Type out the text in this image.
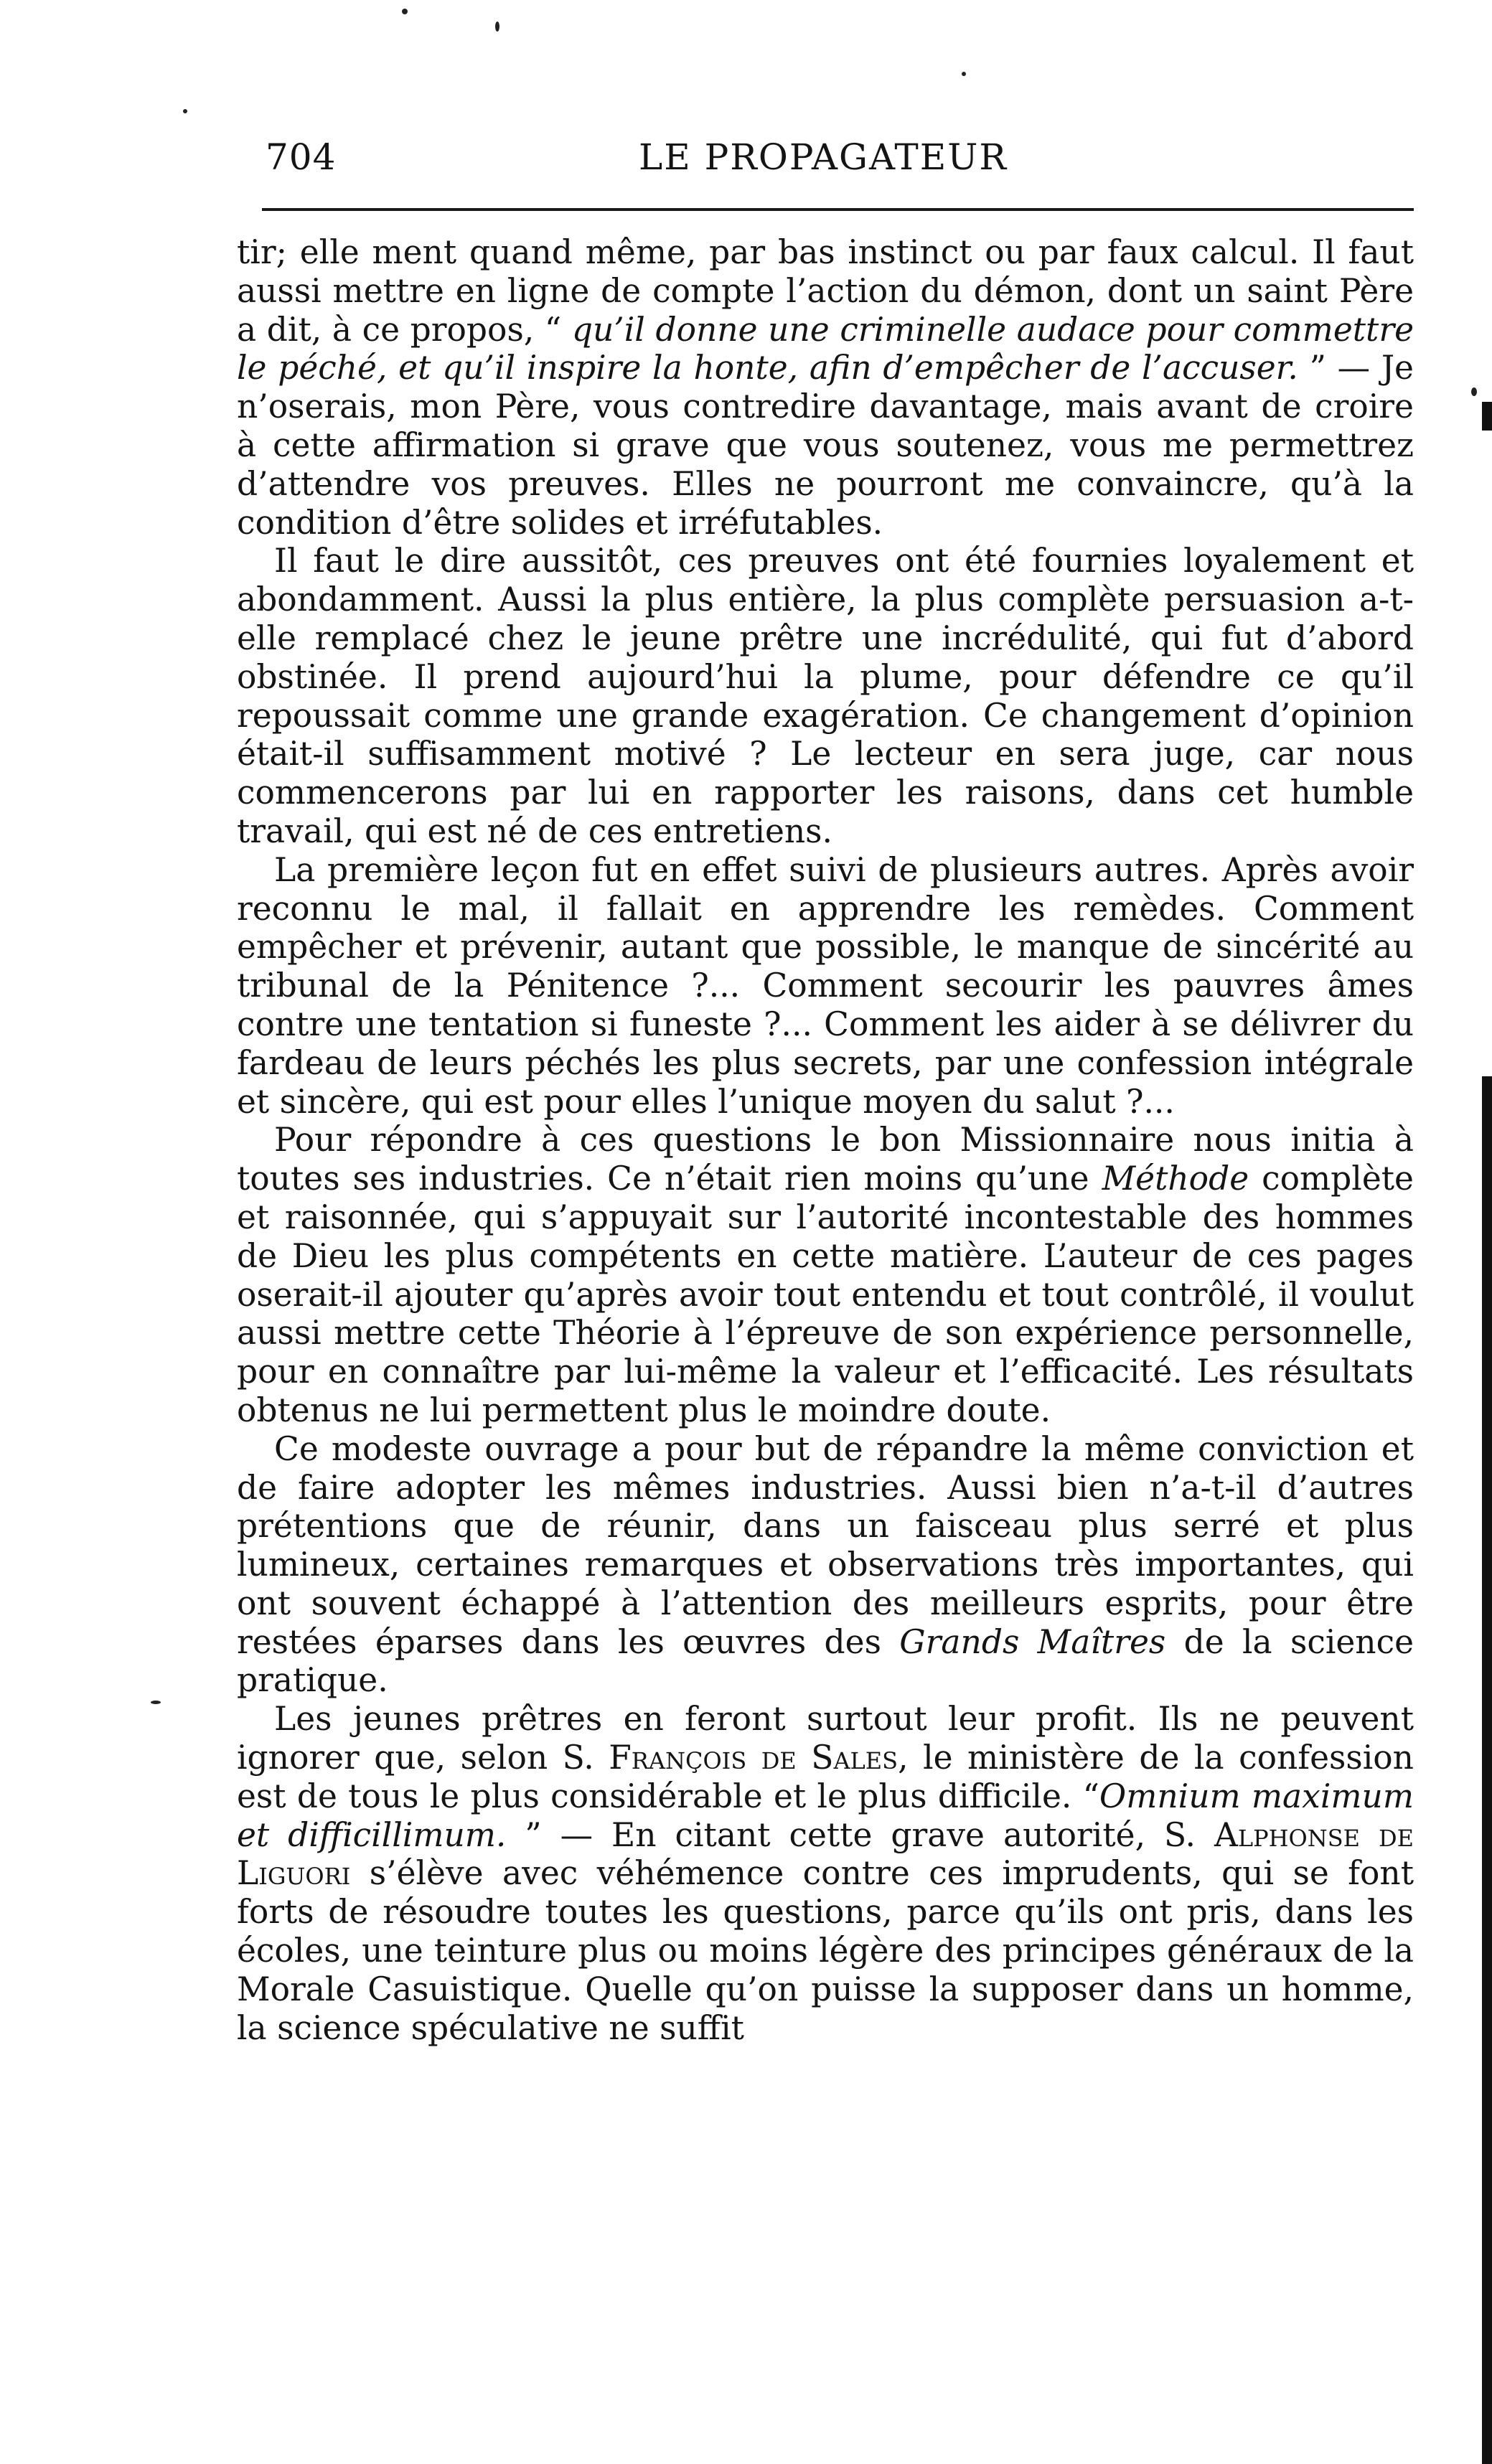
704	LE PROPAGATEUR

tir; elle ment quand même, par bas instinct ou par faux calcul. Il faut aussi mettre en ligne de compte l’action du démon, dont un saint Père a dit, à ce propos, “ qu’il donne une criminelle audace pour commettre le péché, et qu’il inspire la honte, afin d’empêcher de l’accuser. ” — Je n’oserais, mon Père, vous contredire davantage, mais avant de croire à cette affirmation si grave que vous soutenez, vous me permettrez d’attendre vos preuves. Elles ne pourront me convaincre, qu’à la condition d’être solides et irréfutables.

Il faut le dire aussitôt, ces preuves ont été fournies loyalement et abondamment. Aussi la plus entière, la plus complète persuasion a-t-elle remplacé chez le jeune prêtre une incrédulité, qui fut d’abord obstinée. Il prend aujourd’hui la plume, pour défendre ce qu’il repoussait comme une grande exagération. Ce changement d’opinion était-il suffisamment motivé ? Le lecteur en sera juge, car nous commencerons par lui en rapporter les raisons, dans cet humble travail, qui est né de ces entretiens.

La première leçon fut en effet suivi de plusieurs autres. Après avoir reconnu le mal, il fallait en apprendre les remèdes. Comment empêcher et prévenir, autant que possible, le manque de sincérité au tribunal de la Pénitence ?... Comment secourir les pauvres âmes contre une tentation si funeste ?... Comment les aider à se délivrer du fardeau de leurs péchés les plus secrets, par une confession intégrale et sincère, qui est pour elles l’unique moyen du salut ?...

Pour répondre à ces questions le bon Missionnaire nous initia à toutes ses industries. Ce n’était rien moins qu’une Méthode complète et raisonnée, qui s’appuyait sur l’autorité incontestable des hommes de Dieu les plus compétents en cette matière. L’auteur de ces pages oserait-il ajouter qu’après avoir tout entendu et tout contrôlé, il voulut aussi mettre cette Théorie à l’épreuve de son expérience personnelle, pour en connaître par lui-même la valeur et l’efficacité. Les résultats obtenus ne lui permettent plus le moindre doute.

Ce modeste ouvrage a pour but de répandre la même conviction et de faire adopter les mêmes industries. Aussi bien n’a-t-il d’autres prétentions que de réunir, dans un faisceau plus serré et plus lumineux, certaines remarques et observations très importantes, qui ont souvent échappé à l’attention des meilleurs esprits, pour être restées éparses dans les œuvres des Grands Maîtres de la science pratique.

Les jeunes prêtres en feront surtout leur profit. Ils ne peuvent ignorer que, selon S. François de Sales, le ministère de la confession est de tous le plus considérable et le plus difficile. “Omnium maximum et difficillimum. ” — En citant cette grave autorité, S. Alphonse de Liguori s’élève avec véhémence contre ces imprudents, qui se font forts de résoudre toutes les questions, parce qu’ils ont pris, dans les écoles, une teinture plus ou moins légère des principes généraux de la Morale Casuistique. Quelle qu’on puisse la supposer dans un homme, la science spéculative ne suffit
